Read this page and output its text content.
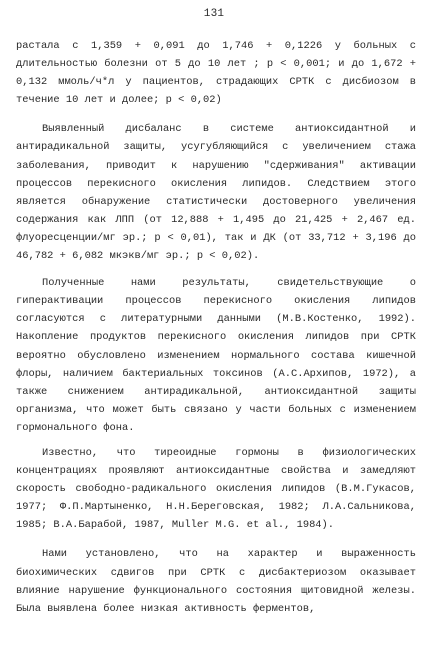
131

растала с 1,359 + 0,091 до 1,746 + 0,1226 у больных с длительностью болезни от 5 до 10 лет ; р < 0,001; и до 1,672 + 0,132 ммоль/ч*л у пациентов, страдающих СРТК с дисбиозом в течение 10 лет и долее; р < 0,02)

Выявленный дисбаланс в системе антиоксидантной и антирадикальной защиты, усугубляющийся с увеличением стажа заболевания, приводит к нарушению "сдерживания" активации процессов перекисного окисления липидов. Следствием этого является обнаружение статистически достоверного увеличения содержания как ЛПП (от 12,888 + 1,495 до 21,425 + 2,467 ед. флуоресценции/мг эр.; р < 0,01), так и ДК (от 33,712 + 3,196 до 46,782 + 6,082 мкэкв/мг эр.; р < 0,02).

Полученные нами результаты, свидетельствующие о гиперактивации процессов перекисного окисления липидов согласуются с литературными данными (М.В.Костенко, 1992). Накопление продуктов перекисного окисления липидов при СРТК вероятно обусловлено изменением нормального состава кишечной флоры, наличием бактериальных токсинов (А.С.Архипов, 1972), а также снижением антирадикальной, антиоксидантной защиты организма, что может быть связано у части больных с изменением гормонального фона.

Известно, что тиреоидные гормоны в физиологических концентрациях проявляют антиоксидантные свойства и замедляют скорость свободно-радикального окисления липидов (В.М.Гукасов, 1977; Ф.П.Мартыненко, Н.Н.Береговская, 1982; Л.А.Сальникова, 1985; В.А.Барабой, 1987, Muller M.G. et al., 1984).

Нами установлено, что на характер и выраженность биохимических сдвигов при СРТК с дисбактериозом оказывает влияние нарушение функционального состояния щитовидной железы. Была выявлена более низкая активность ферментов,
